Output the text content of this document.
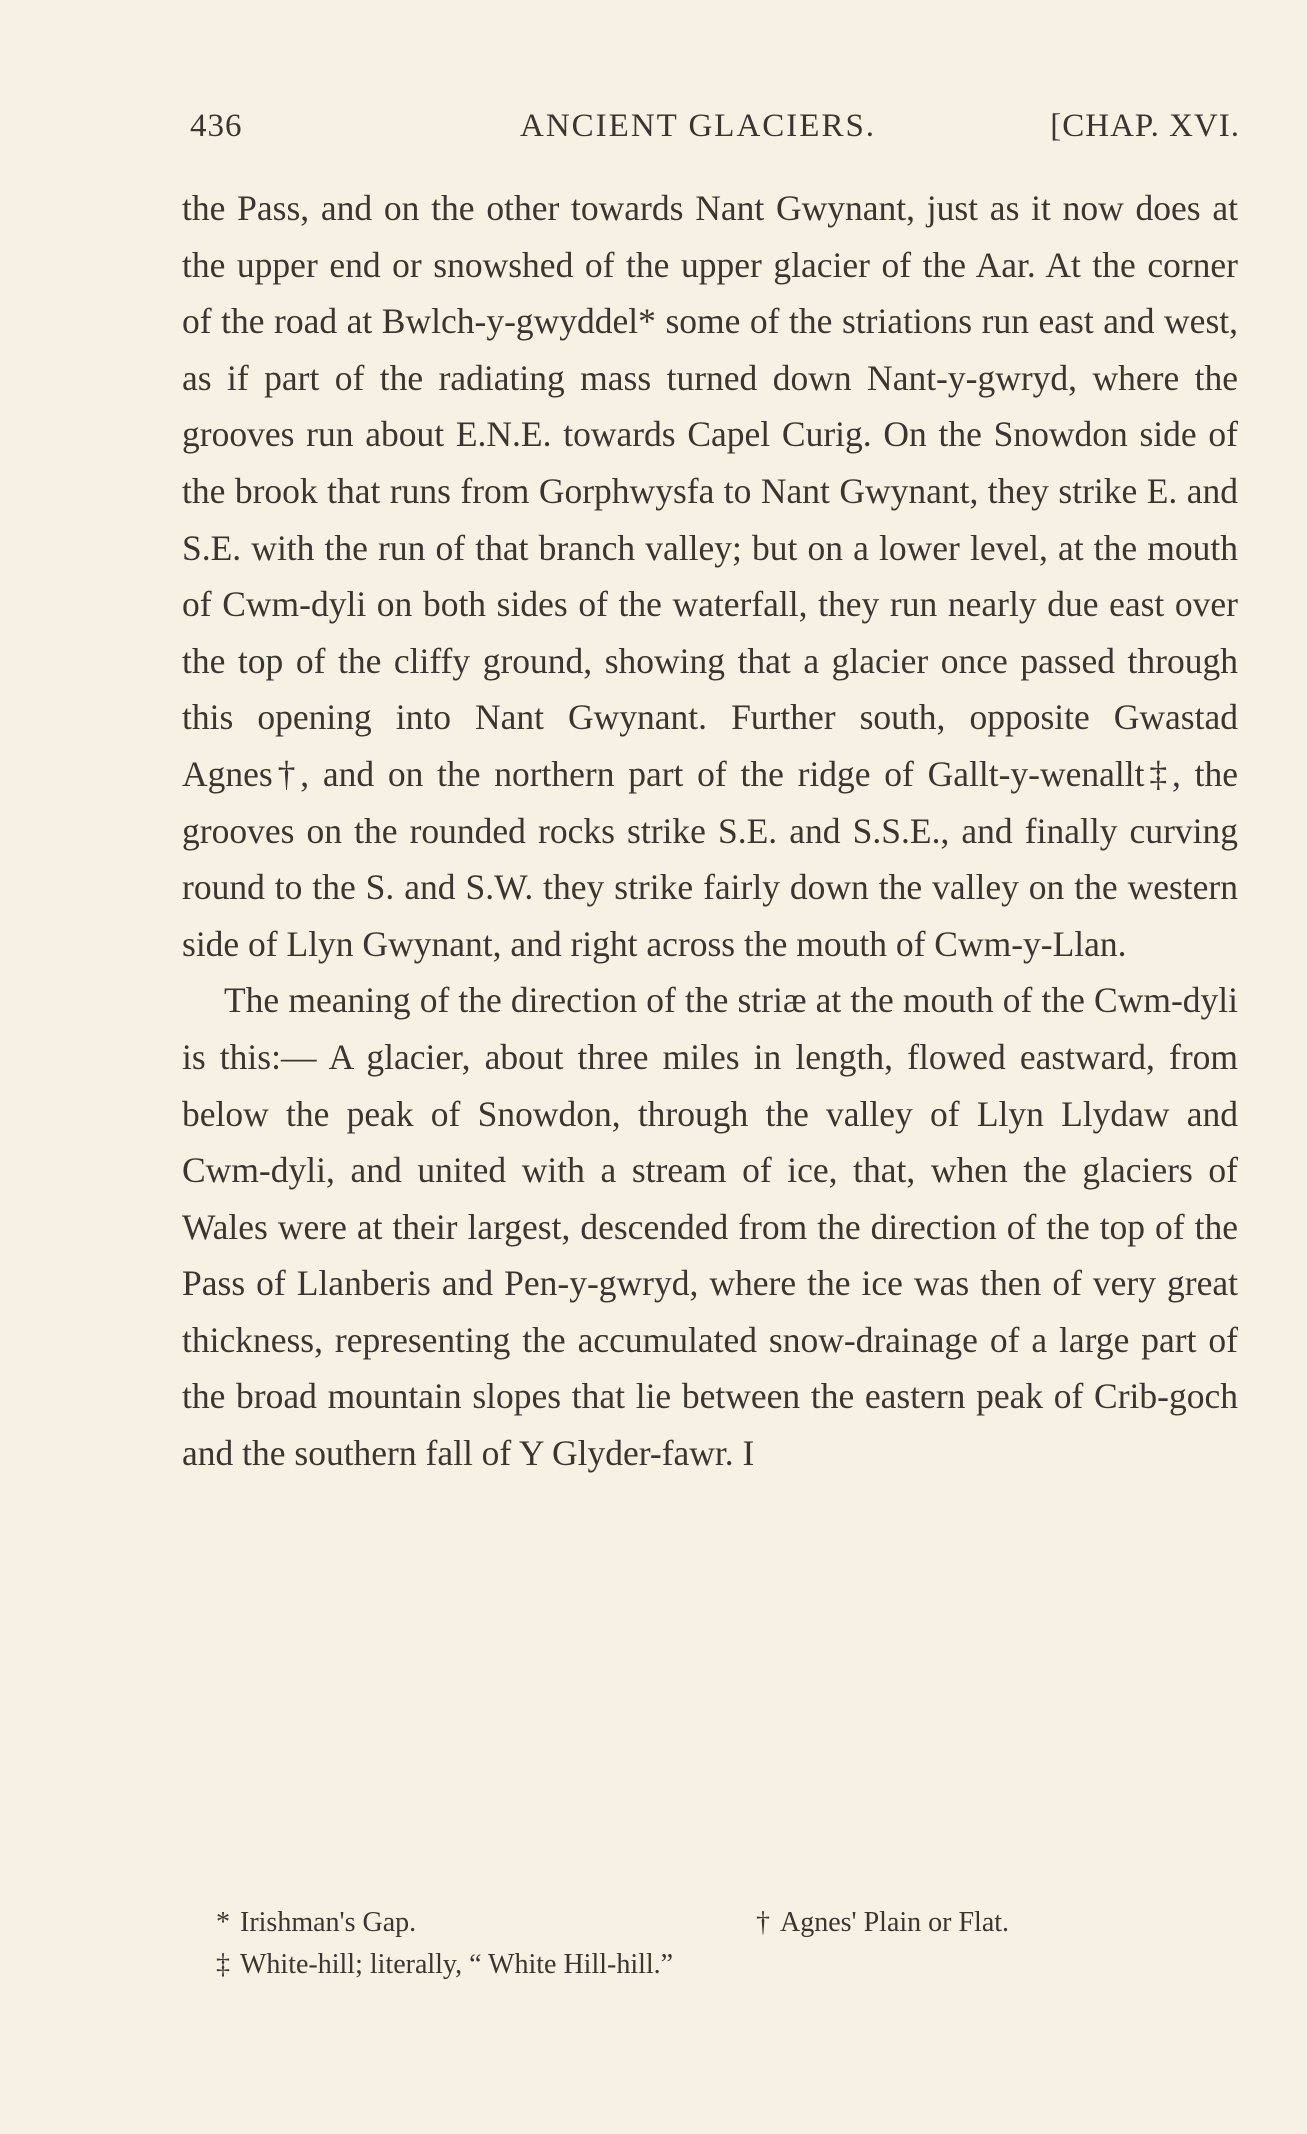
436	ANCIENT GLACIERS.	[CHAP. XVI.

the Pass, and on the other towards Nant Gwynant, just as it now does at the upper end or snowshed of the upper glacier of the Aar. At the corner of the road at Bwlch-y-gwyddel* some of the striations run east and west, as if part of the radiating mass turned down Nant-y-gwryd, where the grooves run about E.N.E. towards Capel Curig. On the Snowdon side of the brook that runs from Gorphwysfa to Nant Gwynant, they strike E. and S.E. with the run of that branch valley; but on a lower level, at the mouth of Cwm-dyli on both sides of the waterfall, they run nearly due east over the top of the cliffy ground, showing that a glacier once passed through this opening into Nant Gwynant. Further south, opposite Gwastad Agnes†, and on the northern part of the ridge of Gallt-y-wenallt‡, the grooves on the rounded rocks strike S.E. and S.S.E., and finally curving round to the S. and S.W. they strike fairly down the valley on the western side of Llyn Gwynant, and right across the mouth of Cwm-y-Llan.

The meaning of the direction of the striæ at the mouth of the Cwm-dyli is this:— A glacier, about three miles in length, flowed eastward, from below the peak of Snowdon, through the valley of Llyn Llydaw and Cwm-dyli, and united with a stream of ice, that, when the glaciers of Wales were at their largest, descended from the direction of the top of the Pass of Llanberis and Pen-y-gwryd, where the ice was then of very great thickness, representing the accumulated snow-drainage of a large part of the broad mountain slopes that lie between the eastern peak of Crib-goch and the southern fall of Y Glyder-fawr. I

* Irishman's Gap.	† Agnes' Plain or Flat.
‡ White-hill; literally, “ White Hill-hill.”
